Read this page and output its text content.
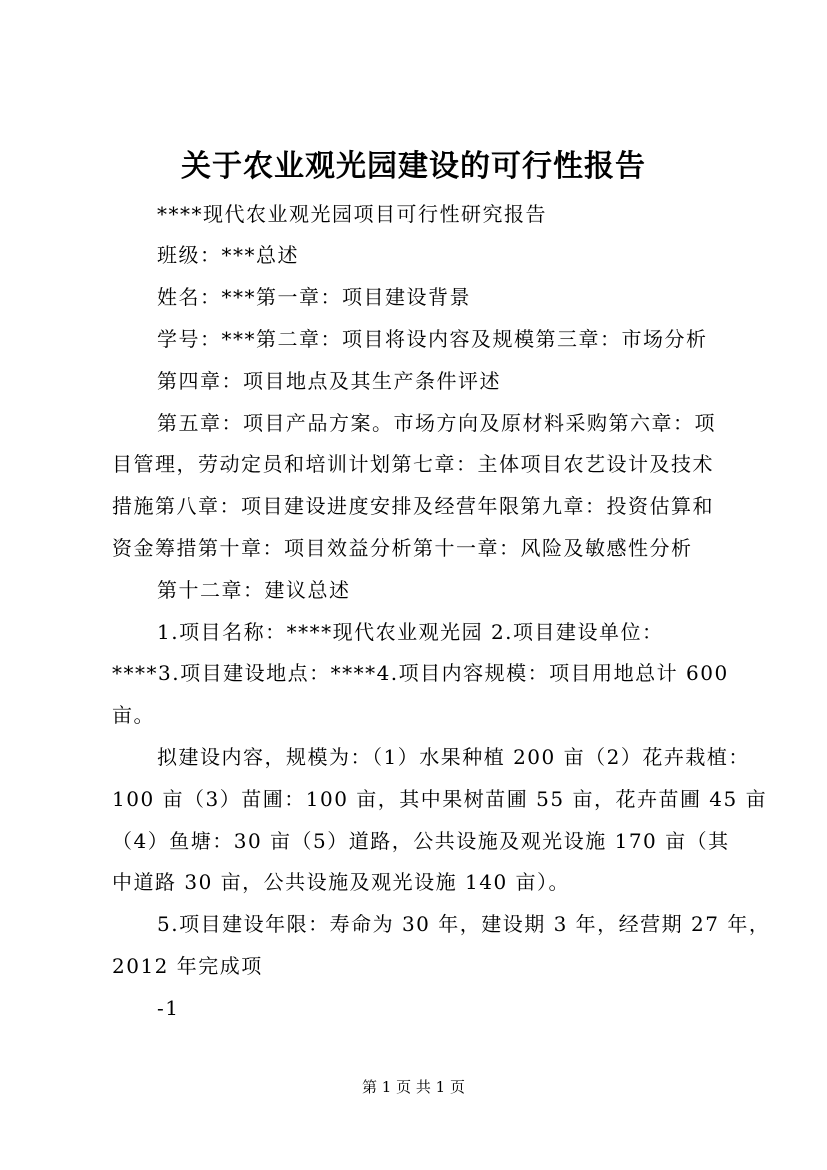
关于农业观光园建设的可行性报告
****现代农业观光园项目可行性研究报告
班级：***总述
姓名：***第一章：项目建设背景
学号：***第二章：项目将设内容及规模第三章：市场分析
第四章：项目地点及其生产条件评述
第五章：项目产品方案。市场方向及原材料采购第六章：项
目管理，劳动定员和培训计划第七章：主体项目农艺设计及技术
措施第八章：项目建设进度安排及经营年限第九章：投资估算和
资金筹措第十章：项目效益分析第十一章：风险及敏感性分析
第十二章：建议总述
1.项目名称：****现代农业观光园 2.项目建设单位：
****3.项目建设地点：****4.项目内容规模：项目用地总计 600
亩。
拟建设内容，规模为：（1）水果种植 200 亩（2）花卉栽植：
100 亩（3）苗圃：100 亩，其中果树苗圃 55 亩，花卉苗圃 45 亩
（4）鱼塘：30 亩（5）道路，公共设施及观光设施 170 亩（其
中道路 30 亩，公共设施及观光设施 140 亩）。
5.项目建设年限：寿命为 30 年，建设期 3 年，经营期 27 年，
2012 年完成项
-1
第 1 页 共 1 页
